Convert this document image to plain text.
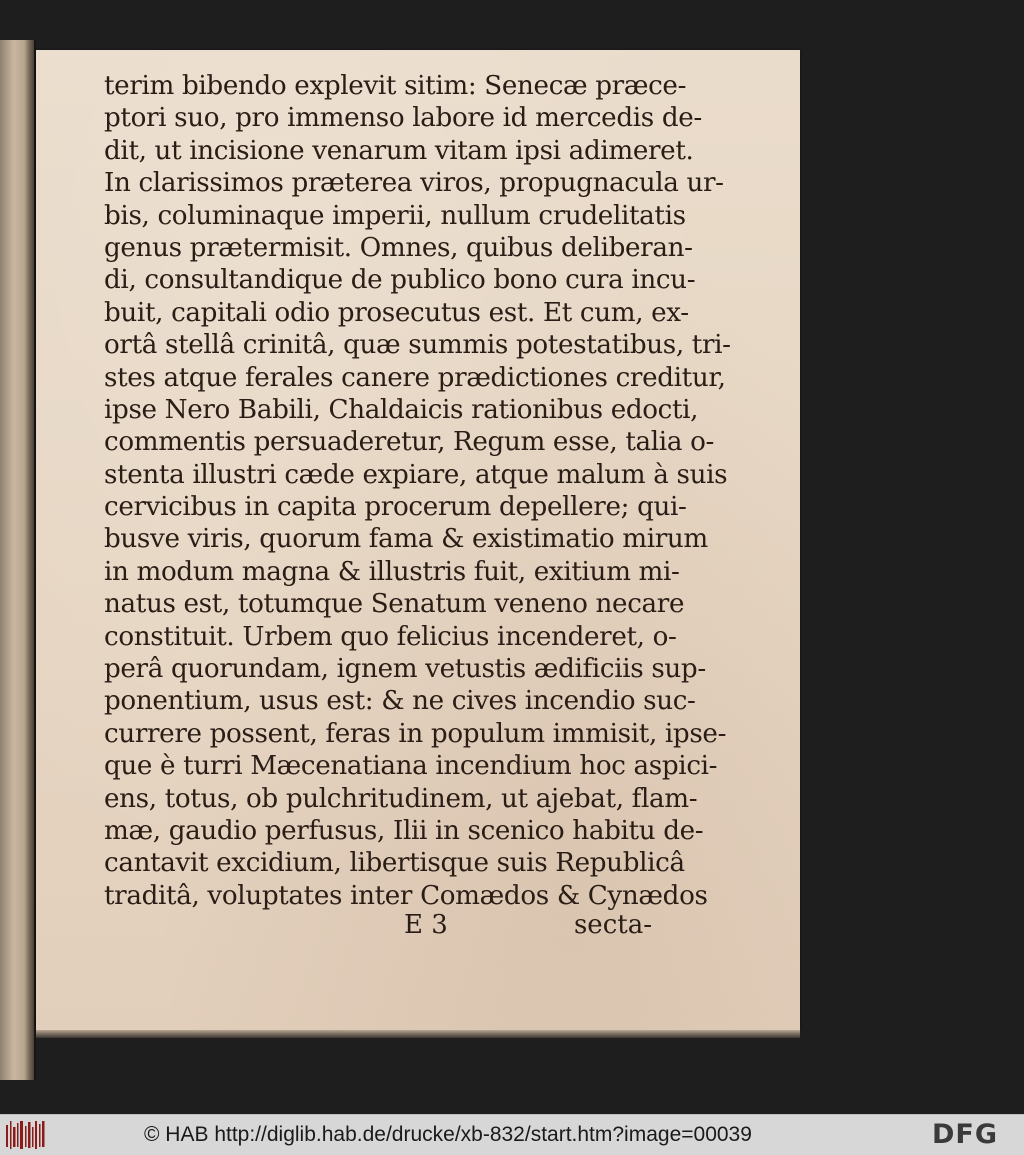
terim bibendo explevit sitim: Senecæ præce-
ptori suo, pro immenso labore id mercedis de-
dit, ut incisione venarum vitam ipsi adimeret.
In clarissimos præterea viros, propugnacula ur-
bis, columinaque imperii, nullum crudelitatis
genus prætermisit. Omnes, quibus deliberan-
di, consultandique de publico bono cura incu-
buit, capitali odio prosecutus est. Et cum, ex-
ortâ stellâ crinitâ, quæ summis potestatibus, tri-
stes atque ferales canere prædictiones creditur,
ipse Nero Babili, Chaldaicis rationibus edocti,
commentis persuaderetur, Regum esse, talia o-
stenta illustri cæde expiare, atque malum à suis
cervicibus in capita procerum depellere; qui-
busve viris, quorum fama & existimatio mirum
in modum magna & illustris fuit, exitium mi-
natus est, totumque Senatum veneno necare
constituit. Urbem quo felicius incenderet, o-
perâ quorundam, ignem vetustis ædificiis sup-
ponentium, usus est: & ne cives incendio suc-
currere possent, feras in populum immisit, ipse-
que è turri Mæcenatiana incendium hoc aspici-
ens, totus, ob pulchritudinem, ut ajebat, flam-
mæ, gaudio perfusus, Ilii in scenico habitu de-
cantavit excidium, libertisque suis Republicâ
traditâ, voluptates inter Comædos & Cynædos
E 3	secta-
© HAB http://diglib.hab.de/drucke/xb-832/start.htm?image=00039	DFG
